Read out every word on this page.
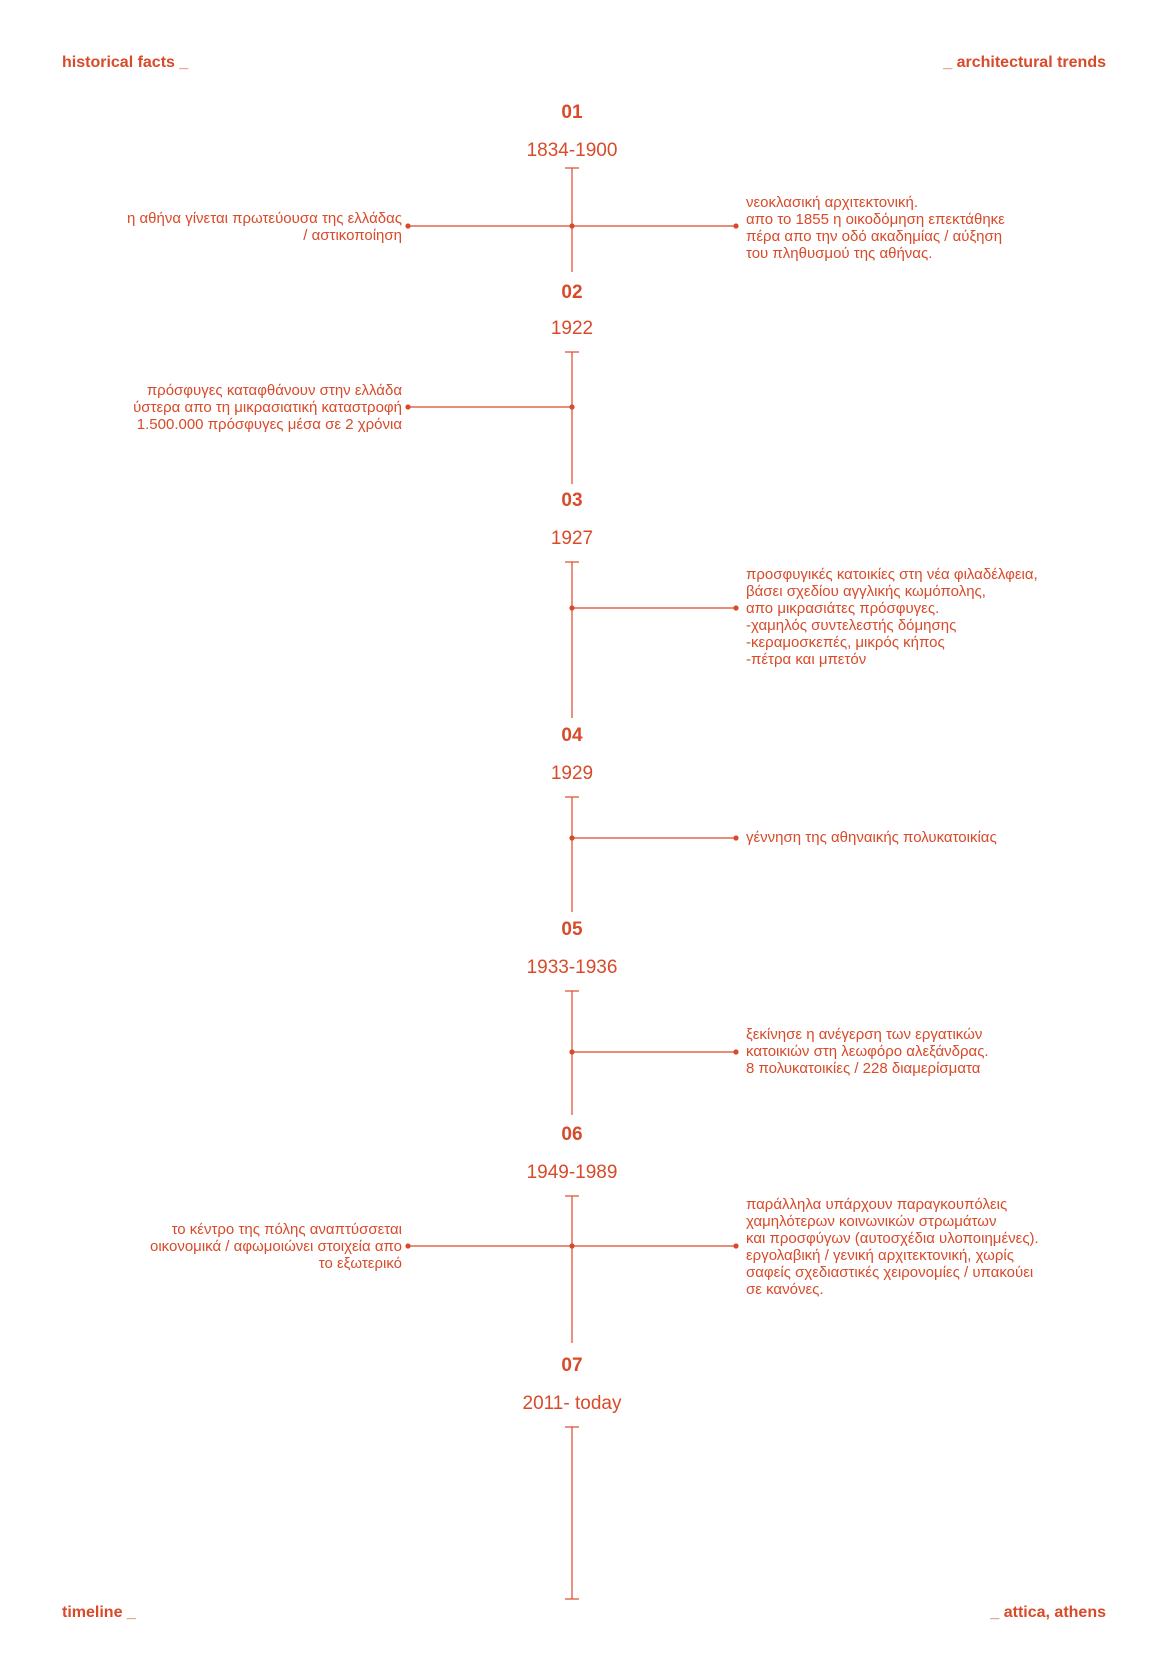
historical facts _	_ architectural trends
timeline _	_ attica, athens
01
1834-1900
η αθήνα γίνεται πρωτεύουσα της ελλάδας
/ αστικοποίηση
νεοκλασική αρχιτεκτονική.
απο το 1855 η οικοδόμηση επεκτάθηκε
πέρα απο την οδό ακαδημίας / αύξηση
του πληθυσμού της αθήνας.
02
1922
πρόσφυγες καταφθάνουν στην ελλάδα
ύστερα απο τη μικρασιατική καταστροφή
1.500.000 πρόσφυγες μέσα σε 2 χρόνια
03
1927
προσφυγικές κατοικίες στη νέα φιλαδέλφεια,
βάσει σχεδίου αγγλικής κωμόπολης,
απο μικρασιάτες πρόσφυγες.
-χαμηλός συντελεστής δόμησης
-κεραμοσκεπές, μικρός κήπος
-πέτρα και μπετόν
04
1929
γέννηση της αθηναικής πολυκατοικίας
05
1933-1936
ξεκίνησε η ανέγερση των εργατικών
κατοικιών στη λεωφόρο αλεξάνδρας.
8 πολυκατοικίες / 228 διαμερίσματα
06
1949-1989
το κέντρο της πόλης αναπτύσσεται
οικονομικά / αφωμοιώνει στοιχεία απο
το εξωτερικό
παράλληλα υπάρχουν παραγκουπόλεις
χαμηλότερων κοινωνικών στρωμάτων
και προσφύγων (αυτοσχέδια υλοποιημένες).
εργολαβική / γενική αρχιτεκτονική, χωρίς
σαφείς σχεδιαστικές χειρονομίες / υπακούει
σε κανόνες.
07
2011- today
